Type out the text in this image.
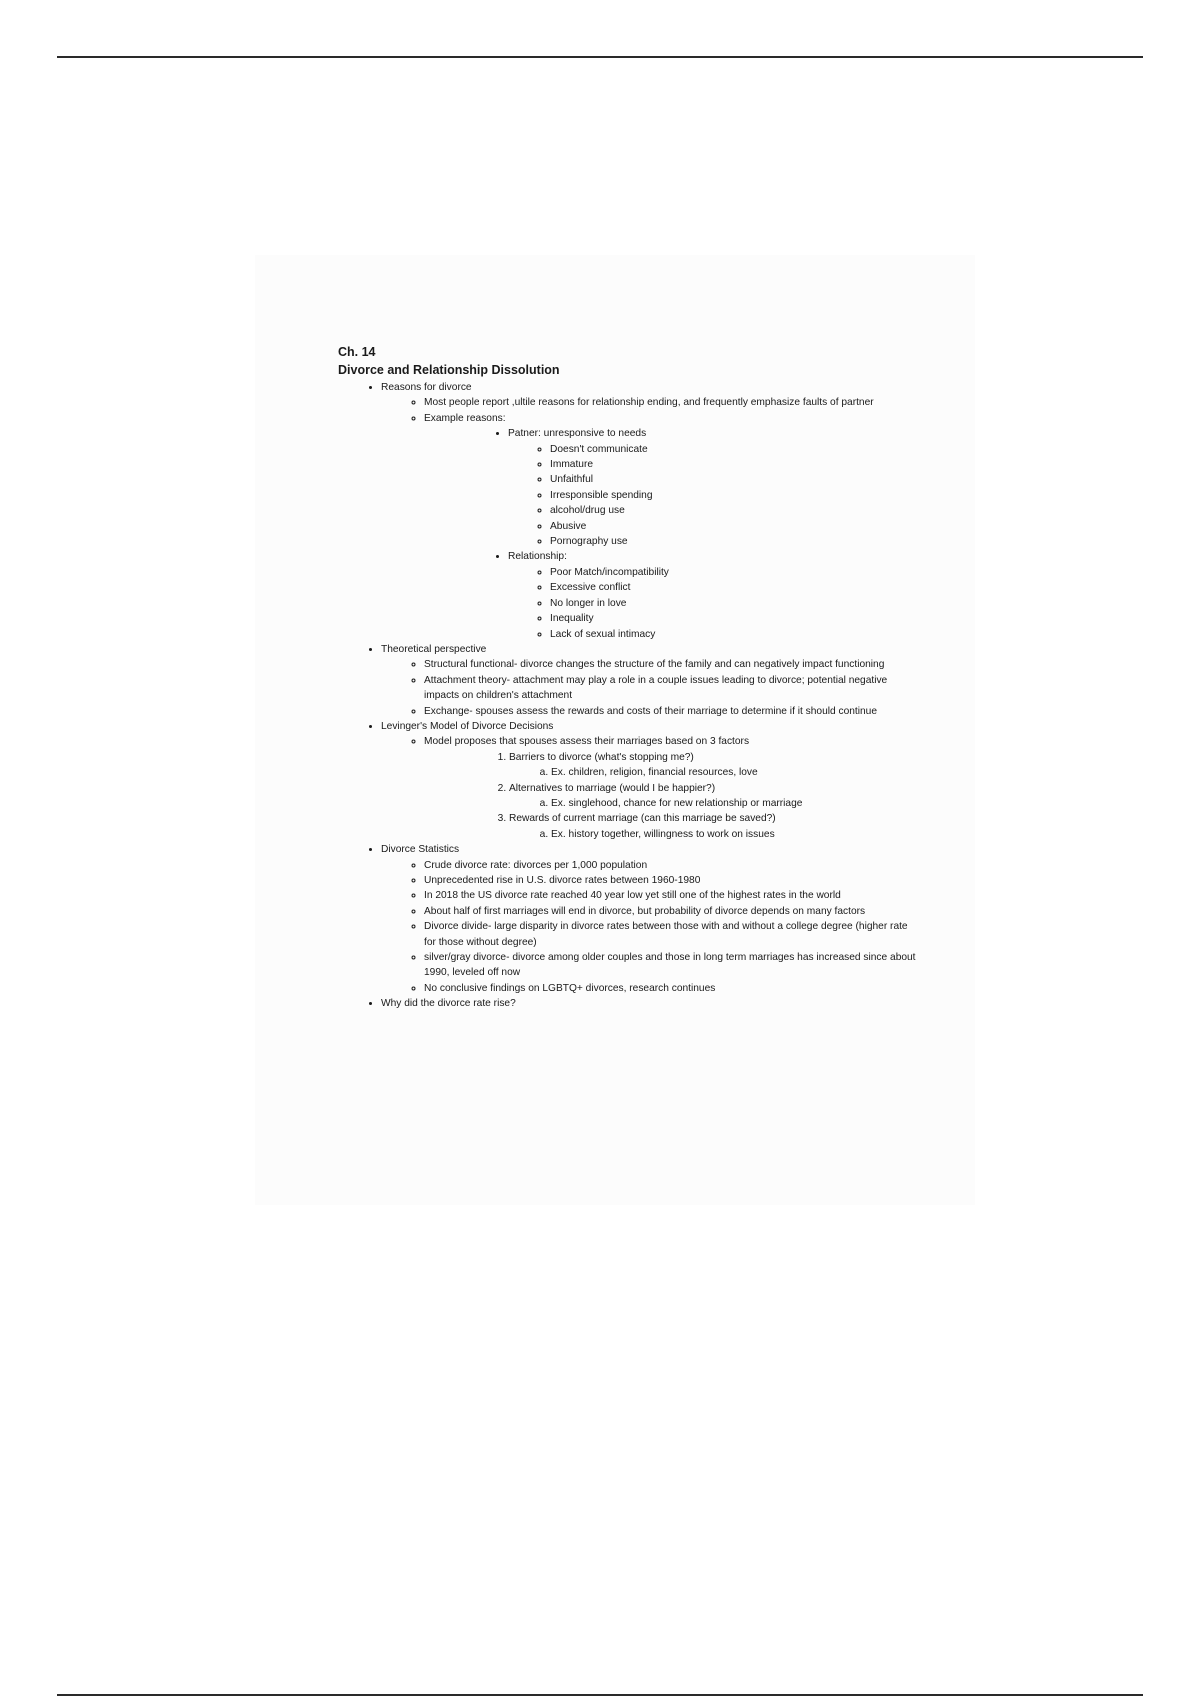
Ch. 14
Divorce and Relationship Dissolution
• Reasons for divorce
◦ Most people report ,ultile reasons for relationship ending, and frequently emphasize faults of partner
◦ Example reasons:
• Patner: unresponsive to needs
◦ Doesn't communicate
◦ Immature
◦ Unfaithful
◦ Irresponsible spending
◦ alcohol/drug use
◦ Abusive
◦ Pornography use
• Relationship:
◦ Poor Match/incompatibility
◦ Excessive conflict
◦ No longer in love
◦ Inequality
◦ Lack of sexual intimacy
• Theoretical perspective
◦ Structural functional- divorce changes the structure of the family and can negatively impact functioning
◦ Attachment theory- attachment may play a role in a couple issues leading to divorce; potential negative impacts on children's attachment
◦ Exchange- spouses assess the rewards and costs of their marriage to determine if it should continue
• Levinger's Model of Divorce Decisions
◦ Model proposes that spouses assess their marriages based on 3 factors
1. Barriers to divorce (what's stopping me?)
a. Ex. children, religion, financial resources, love
2. Alternatives to marriage (would I be happier?)
a. Ex. singlehood, chance for new relationship or marriage
3. Rewards of current marriage (can this marriage be saved?)
a. Ex. history together, willingness to work on issues
• Divorce Statistics
◦ Crude divorce rate: divorces per 1,000 population
◦ Unprecedented rise in U.S. divorce rates between 1960-1980
◦ In 2018 the US divorce rate reached 40 year low yet still one of the highest rates in the world
◦ About half of first marriages will end in divorce, but probability of divorce depends on many factors
◦ Divorce divide- large disparity in divorce rates between those with and without a college degree (higher rate for those without degree)
◦ silver/gray divorce- divorce among older couples and those in long term marriages has increased since about 1990, leveled off now
◦ No conclusive findings on LGBTQ+ divorces, research continues
• Why did the divorce rate rise?
